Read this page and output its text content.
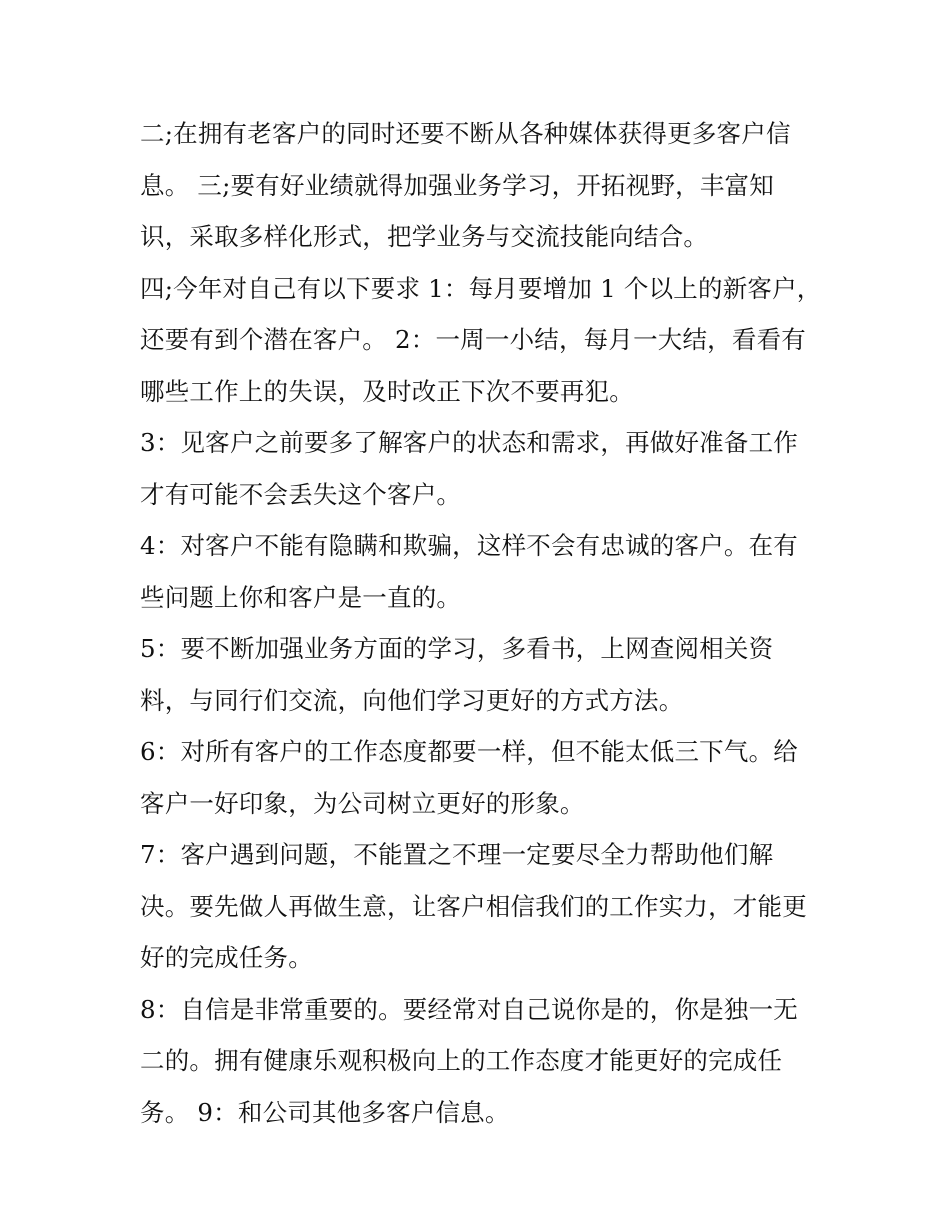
二;在拥有老客户的同时还要不断从各种媒体获得更多客户信
息。 三;要有好业绩就得加强业务学习，开拓视野，丰富知
识，采取多样化形式，把学业务与交流技能向结合。
四;今年对自己有以下要求 1：每月要增加 1 个以上的新客户，
还要有到个潜在客户。 2：一周一小结，每月一大结，看看有
哪些工作上的失误，及时改正下次不要再犯。
3：见客户之前要多了解客户的状态和需求，再做好准备工作
才有可能不会丢失这个客户。
4：对客户不能有隐瞒和欺骗，这样不会有忠诚的客户。在有
些问题上你和客户是一直的。
5：要不断加强业务方面的学习，多看书，上网查阅相关资
料，与同行们交流，向他们学习更好的方式方法。
6：对所有客户的工作态度都要一样，但不能太低三下气。给
客户一好印象，为公司树立更好的形象。
7：客户遇到问题，不能置之不理一定要尽全力帮助他们解
决。要先做人再做生意，让客户相信我们的工作实力，才能更
好的完成任务。
8：自信是非常重要的。要经常对自己说你是的，你是独一无
二的。拥有健康乐观积极向上的工作态度才能更好的完成任
务。 9：和公司其他多客户信息。
